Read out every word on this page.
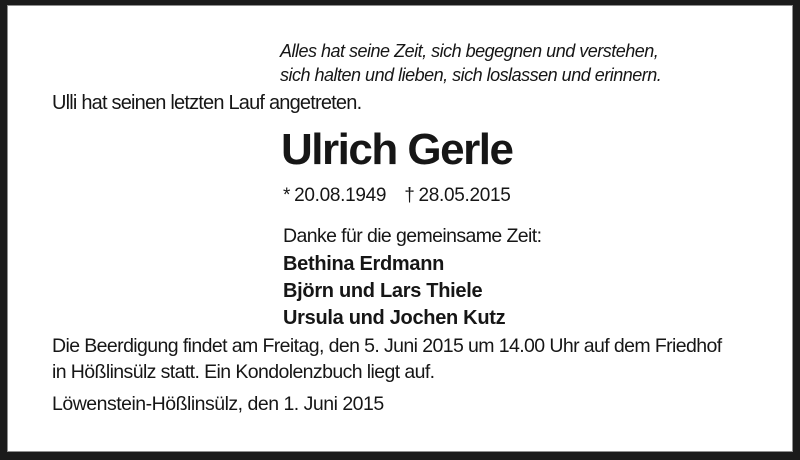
Alles hat seine Zeit, sich begegnen und verstehen,
sich halten und lieben, sich loslassen und erinnern.
Ulli hat seinen letzten Lauf angetreten.
Ulrich Gerle
* 20.08.1949 † 28.05.2015
Danke für die gemeinsame Zeit:
Bethina Erdmann
Björn und Lars Thiele
Ursula und Jochen Kutz
Die Beerdigung findet am Freitag, den 5. Juni 2015 um 14.00 Uhr auf dem Friedhof
in Hößlinsülz statt. Ein Kondolenzbuch liegt auf.
Löwenstein-Hößlinsülz, den 1. Juni 2015
